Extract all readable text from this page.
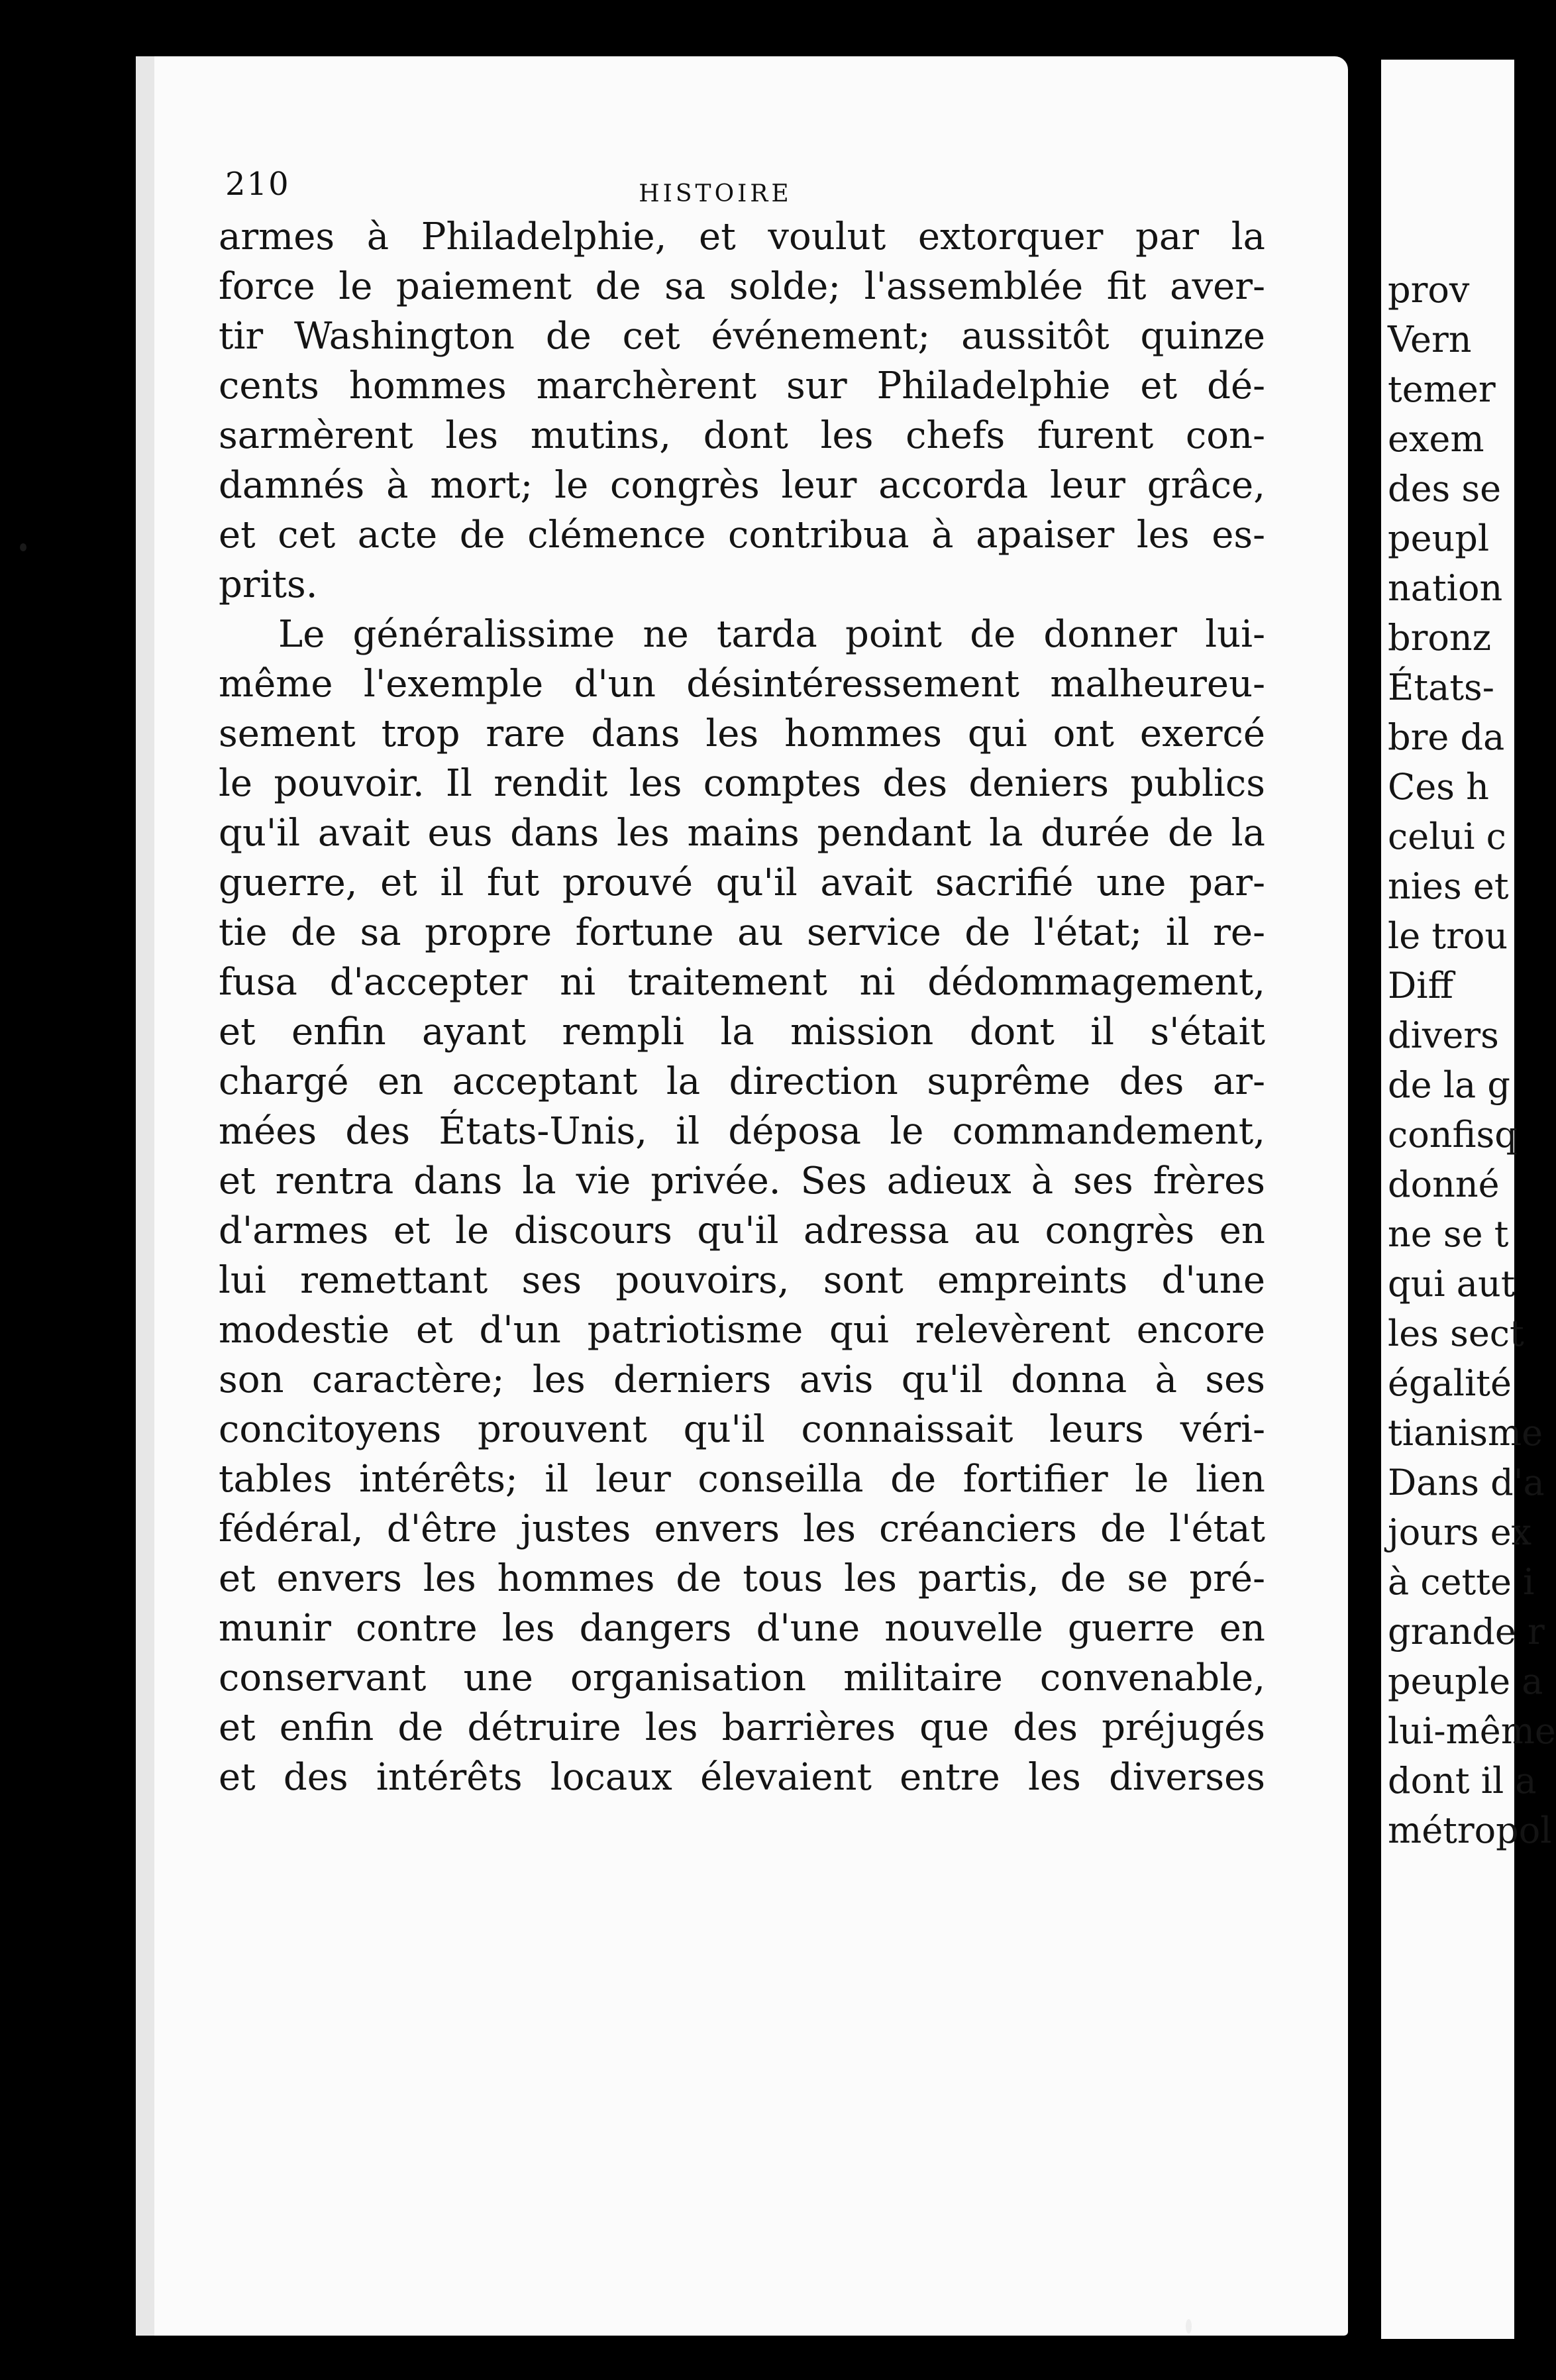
210	HISTOIRE
armes à Philadelphie, et voulut extorquer par la
force le paiement de sa solde; l'assemblée fit aver-
tir Washington de cet événement; aussitôt quinze
cents hommes marchèrent sur Philadelphie et dé-
sarmèrent les mutins, dont les chefs furent con-
damnés à mort; le congrès leur accorda leur grâce,
et cet acte de clémence contribua à apaiser les es-
prits.
Le généralissime ne tarda point de donner lui-
même l'exemple d'un désintéressement malheureu-
sement trop rare dans les hommes qui ont exercé
le pouvoir. Il rendit les comptes des deniers publics
qu'il avait eus dans les mains pendant la durée de la
guerre, et il fut prouvé qu'il avait sacrifié une par-
tie de sa propre fortune au service de l'état; il re-
fusa d'accepter ni traitement ni dédommagement,
et enfin ayant rempli la mission dont il s'était
chargé en acceptant la direction suprême des ar-
mées des États-Unis, il déposa le commandement,
et rentra dans la vie privée. Ses adieux à ses frères
d'armes et le discours qu'il adressa au congrès en
lui remettant ses pouvoirs, sont empreints d'une
modestie et d'un patriotisme qui relevèrent encore
son caractère; les derniers avis qu'il donna à ses
concitoyens prouvent qu'il connaissait leurs véri-
tables intérêts; il leur conseilla de fortifier le lien
fédéral, d'être justes envers les créanciers de l'état
et envers les hommes de tous les partis, de se pré-
munir contre les dangers d'une nouvelle guerre en
conservant une organisation militaire convenable,
et enfin de détruire les barrières que des préjugés
et des intérêts locaux élevaient entre les diverses
prov
Vern
temer
exem
des se
peupl
nation
bronz
États-
bre da
Ces h
celui c
nies et
le trou
Diff
divers
de la g
confisq
donné
ne se t
qui aut
les sect
égalité
tianisme
Dans d'a
jours ex
à cette i
grande r
peuple a
lui-même
dont il a
métropol
